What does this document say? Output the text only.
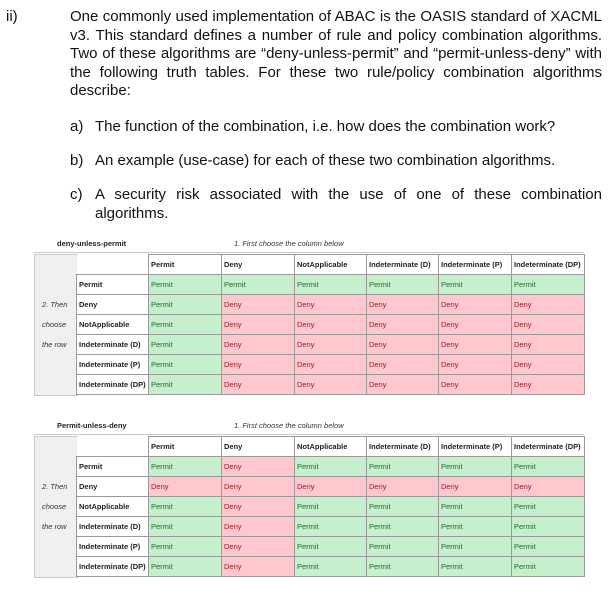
ii)	One commonly used implementation of ABAC is the OASIS standard of XACML v3. This standard defines a number of rule and policy combination algorithms. Two of these algorithms are “deny-unless-permit” and “permit-unless-deny” with the following truth tables. For these two rule/policy combination algorithms describe:
a) The function of the combination, i.e. how does the combination work?
b) An example (use-case) for each of these two combination algorithms.
c) A security risk associated with the use of one of these combination algorithms.
deny-unless-permit	1. First choose the column below
2. Then
choose
the row
	Permit	Deny	NotApplicable	Indeterminate (D)	Indeterminate (P)	Indeterminate (DP)
Permit	Permit	Permit	Permit	Permit	Permit	Permit
Deny	Permit	Deny	Deny	Deny	Deny	Deny
NotApplicable	Permit	Deny	Deny	Deny	Deny	Deny
Indeterminate (D)	Permit	Deny	Deny	Deny	Deny	Deny
Indeterminate (P)	Permit	Deny	Deny	Deny	Deny	Deny
Indeterminate (DP)	Permit	Deny	Deny	Deny	Deny	Deny
Permit-unless-deny	1. First choose the column below
2. Then
choose
the row
	Permit	Deny	NotApplicable	Indeterminate (D)	Indeterminate (P)	Indeterminate (DP)
Permit	Permit	Deny	Permit	Permit	Permit	Permit
Deny	Deny	Deny	Deny	Deny	Deny	Deny
NotApplicable	Permit	Deny	Permit	Permit	Permit	Permit
Indeterminate (D)	Permit	Deny	Permit	Permit	Permit	Permit
Indeterminate (P)	Permit	Deny	Permit	Permit	Permit	Permit
Indeterminate (DP)	Permit	Deny	Permit	Permit	Permit	Permit
